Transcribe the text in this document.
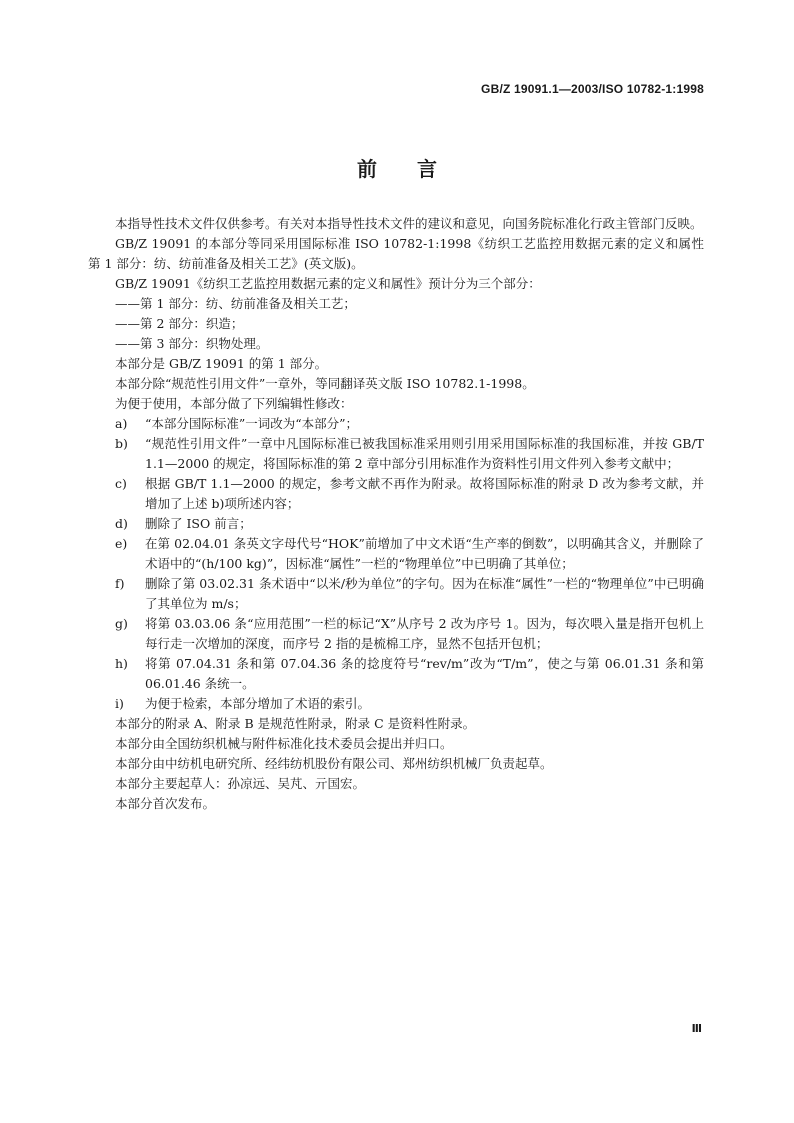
GB/Z 19091.1—2003/ISO 10782-1:1998
前　　言

本指导性技术文件仅供参考。有关对本指导性技术文件的建议和意见，向国务院标准化行政主管部门反映。

GB/Z 19091 的本部分等同采用国际标准 ISO 10782-1:1998《纺织工艺监控用数据元素的定义和属性　第 1 部分：纺、纺前准备及相关工艺》(英文版)。

GB/Z 19091《纺织工艺监控用数据元素的定义和属性》预计分为三个部分：

——第 1 部分：纺、纺前准备及相关工艺；

——第 2 部分：织造；

——第 3 部分：织物处理。

本部分是 GB/Z 19091 的第 1 部分。

本部分除“规范性引用文件”一章外，等同翻译英文版 ISO 10782.1-1998。

为便于使用，本部分做了下列编辑性修改：

a)	“本部分国际标准”一词改为“本部分”；
b)	“规范性引用文件”一章中凡国际标准已被我国标准采用则引用采用国际标准的我国标准，并按 GB/T 1.1—2000 的规定，将国际标准的第 2 章中部分引用标准作为资料性引用文件列入参考文献中；
c)	根据 GB/T 1.1—2000 的规定，参考文献不再作为附录。故将国际标准的附录 D 改为参考文献，并增加了上述 b)项所述内容；
d)	删除了 ISO 前言；
e)	在第 02.04.01 条英文字母代号“HOK”前增加了中文术语“生产率的倒数”，以明确其含义，并删除了术语中的“(h/100 kg)”，因标准“属性”一栏的“物理单位”中已明确了其单位；
f)	删除了第 03.02.31 条术语中“以米/秒为单位”的字句。因为在标准“属性”一栏的“物理单位”中已明确了其单位为 m/s；
g)	将第 03.03.06 条“应用范围”一栏的标记“X”从序号 2 改为序号 1。因为，每次喂入量是指开包机上每行走一次增加的深度，而序号 2 指的是梳棉工序，显然不包括开包机；
h)	将第 07.04.31 条和第 07.04.36 条的捻度符号“rev/m”改为“T/m”，使之与第 06.01.31 条和第 06.01.46 条统一。
i)	为便于检索，本部分增加了术语的索引。

本部分的附录 A、附录 B 是规范性附录，附录 C 是资料性附录。

本部分由全国纺织机械与附件标准化技术委员会提出并归口。

本部分由中纺机电研究所、经纬纺机股份有限公司、郑州纺织机械厂负责起草。

本部分主要起草人：孙凉远、吴芃、亓国宏。

本部分首次发布。

Ⅲ
